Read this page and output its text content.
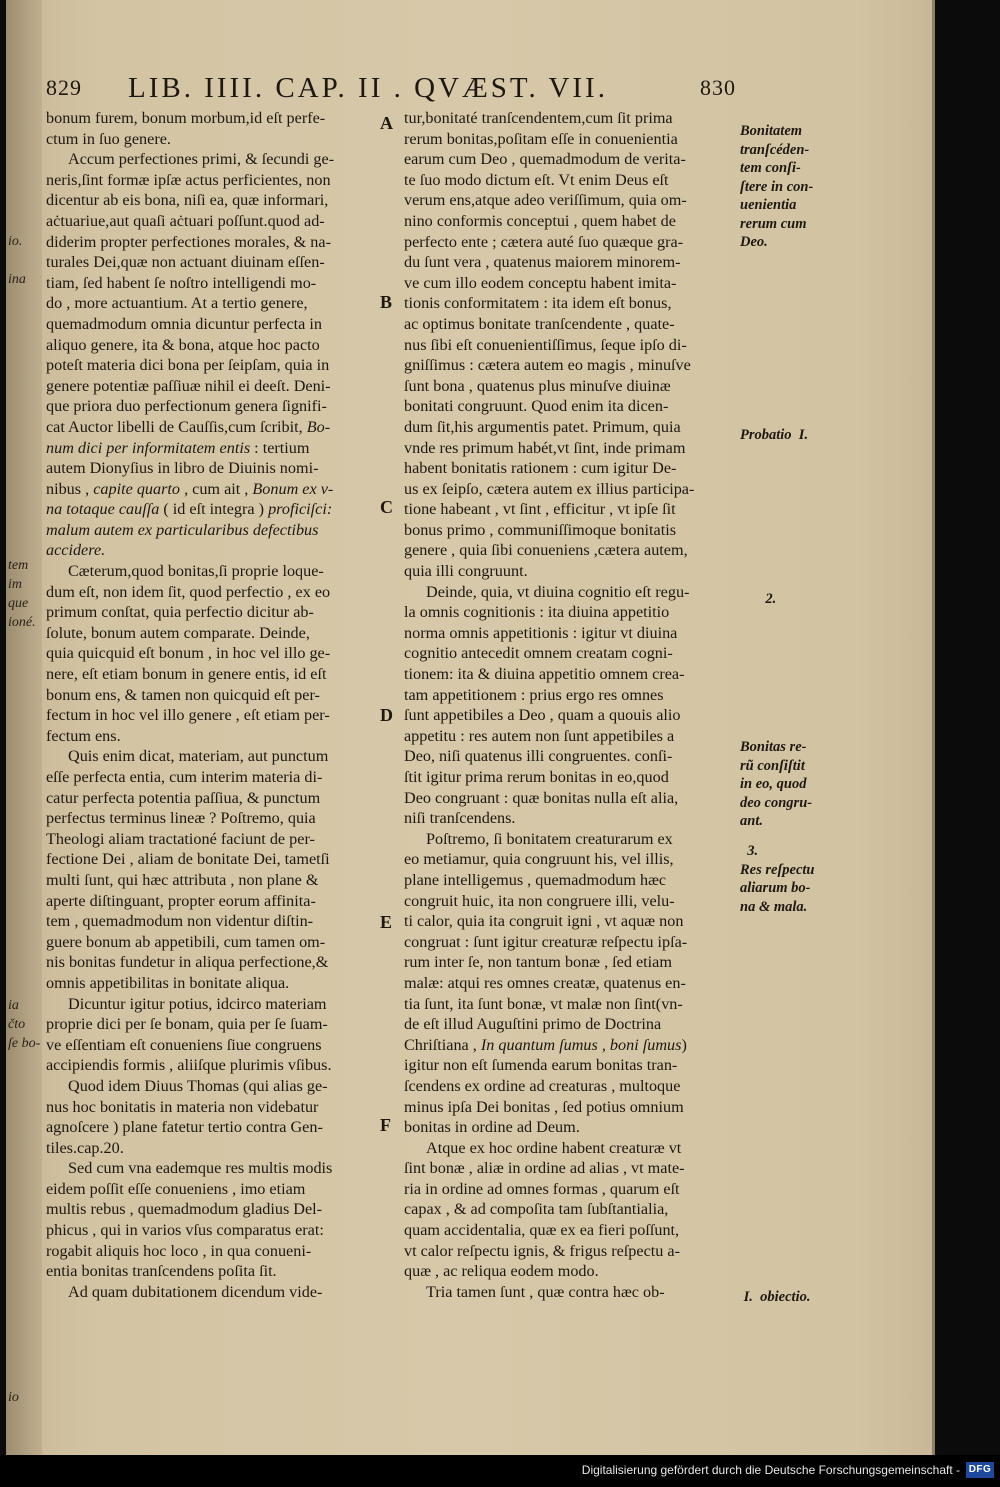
io.

ina
tem
im
que
ioné.
ia
čto
ſe bo-
io
829 LIB. IIII. CAP. II . QVÆST. VII.	830
bonum furem, bonum morbum,id eſt perfe-
ctum in ſuo genere.
Accum perfectiones primi, & ſecundi ge-
neris,ſint formæ ipſæ actus perficientes, non
dicentur ab eis bona, niſi ea, quæ informari,
aċtuariue,aut quaſi aċtuari poſſunt.quod ad-
diderim propter perfectiones morales, & na-
turales Dei,quæ non actuant diuinam eſſen-
tiam, ſed habent ſe noſtro intelligendi mo-
do , more actuantium. At a tertio genere,
quemadmodum omnia dicuntur perfecta in
aliquo genere, ita & bona, atque hoc pacto
poteſt materia dici bona per ſeipſam, quia in
genere potentiæ paſſiuæ nihil ei deeſt. Deni-
que priora duo perfectionum genera ſignifi-
cat Auctor libelli de Cauſſis,cum ſcribit, Bo-
num dici per informitatem entis : tertium
autem Dionyſius in libro de Diuinis nomi-
nibus , capite quarto , cum ait , Bonum ex v-
na totaque cauſſa ( id eſt integra ) proficiſci:
malum autem ex particularibus defectibus
accidere.
Cæterum,quod bonitas,ſi proprie loque-
dum eſt, non idem ſit, quod perfectio , ex eo
primum conſtat, quia perfectio dicitur ab-
ſolute, bonum autem comparate. Deinde,
quia quicquid eſt bonum , in hoc vel illo ge-
nere, eſt etiam bonum in genere entis, id eſt
bonum ens, & tamen non quicquid eſt per-
fectum in hoc vel illo genere , eſt etiam per-
fectum ens.
Quis enim dicat, materiam, aut punctum
eſſe perfecta entia, cum interim materia di-
catur perfecta potentia paſſiua, & punctum
perfectus terminus lineæ ? Poſtremo, quia
Theologi aliam tractationé faciunt de per-
fectione Dei , aliam de bonitate Dei, tametſi
multi ſunt, qui hæc attributa , non plane &
aperte diſtinguant, propter eorum affinita-
tem , quemadmodum non videntur diſtin-
guere bonum ab appetibili, cum tamen om-
nis bonitas fundetur in aliqua perfectione,&
omnis appetibilitas in bonitate aliqua.
Dicuntur igitur potius, idcirco materiam
proprie dici per ſe bonam, quia per ſe ſuam-
ve eſſentiam eſt conueniens ſiue congruens
accipiendis formis , aliiſque plurimis vſibus.
Quod idem Diuus Thomas (qui alias ge-
nus hoc bonitatis in materia non videbatur
agnoſcere ) plane fatetur tertio contra Gen-
tiles.cap.20.
Sed cum vna eademque res multis modis
eidem poſſit eſſe conueniens , imo etiam
multis rebus , quemadmodum gladius Del-
phicus , qui in varios vſus comparatus erat:
rogabit aliquis hoc loco , in qua conueni-
entia bonitas tranſcendens poſita ſit.
Ad quam dubitationem dicendum vide-
tur,bonitaté tranſcendentem,cum ſit prima
rerum bonitas,poſitam eſſe in conuenientia
earum cum Deo , quemadmodum de verita-
te ſuo modo dictum eſt. Vt enim Deus eſt
verum ens,atque adeo veriſſimum, quia om-
nino conformis conceptui , quem habet de
perfecto ente ; cætera auté ſuo quæque gra-
du ſunt vera , quatenus maiorem minorem-
ve cum illo eodem conceptu habent imita-
tionis conformitatem : ita idem eſt bonus,
ac optimus bonitate tranſcendente , quate-
nus ſibi eſt conuenientiſſimus, ſeque ipſo di-
gniſſimus : cætera autem eo magis , minuſve
ſunt bona , quatenus plus minuſve diuinæ
bonitati congruunt. Quod enim ita dicen-
dum ſit,his argumentis patet. Primum, quia
vnde res primum habét,vt ſint, inde primam
habent bonitatis rationem : cum igitur De-
us ex ſeipſo, cætera autem ex illius participa-
tione habeant , vt ſint , efficitur , vt ipſe ſit
bonus primo , communiſſimoque bonitatis
genere , quia ſibi conueniens ,cætera autem,
quia illi congruunt.
Deinde, quia, vt diuina cognitio eſt regu-
la omnis cognitionis : ita diuina appetitio
norma omnis appetitionis : igitur vt diuina
cognitio antecedit omnem creatam cogni-
tionem: ita & diuina appetitio omnem crea-
tam appetitionem : prius ergo res omnes
ſunt appetibiles a Deo , quam a quouis alio
appetitu : res autem non ſunt appetibiles a
Deo, niſi quatenus illi congruentes. conſi-
ſtit igitur prima rerum bonitas in eo,quod
Deo congruant : quæ bonitas nulla eſt alia,
niſi tranſcendens.
Poſtremo, ſi bonitatem creaturarum ex
eo metiamur, quia congruunt his, vel illis,
plane intelligemus , quemadmodum hæc
congruit huic, ita non congruere illi, velu-
ti calor, quia ita congruit igni , vt aquæ non
congruat : ſunt igitur creaturæ reſpectu ipſa-
rum inter ſe, non tantum bonæ , ſed etiam
malæ: atqui res omnes creatæ, quatenus en-
tia ſunt, ita ſunt bonæ, vt malæ non ſint(vn-
de eſt illud Auguſtini primo de Doctrina
Chriſtiana , In quantum ſumus , boni ſumus)
igitur non eſt ſumenda earum bonitas tran-
ſcendens ex ordine ad creaturas , multoque
minus ipſa Dei bonitas , ſed potius omnium
bonitas in ordine ad Deum.
Atque ex hoc ordine habent creaturæ vt
ſint bonæ , aliæ in ordine ad alias , vt mate-
ria in ordine ad omnes formas , quarum eſt
capax , & ad compoſita tam ſubſtantialia,
quam accidentalia, quæ ex ea fieri poſſunt,
vt calor reſpectu ignis, & frigus reſpectu a-
quæ , ac reliqua eodem modo.
Tria tamen ſunt , quæ contra hæc ob-
A
B
C
D
E
F
Bonitatem
tranſcéden-
tem conſi-
ſtere in con-
uenientia
rerum cum
Deo.
Probatio  I.
2.
Bonitas re-
rũ conſiſtit
in eo, quod
deo congru-
ant.
3.
Res reſpectu
aliarum bo-
na & mala.
I.  obiectio.
Digitalisierung gefördert durch die Deutsche Forschungsgemeinschaft - DFG
